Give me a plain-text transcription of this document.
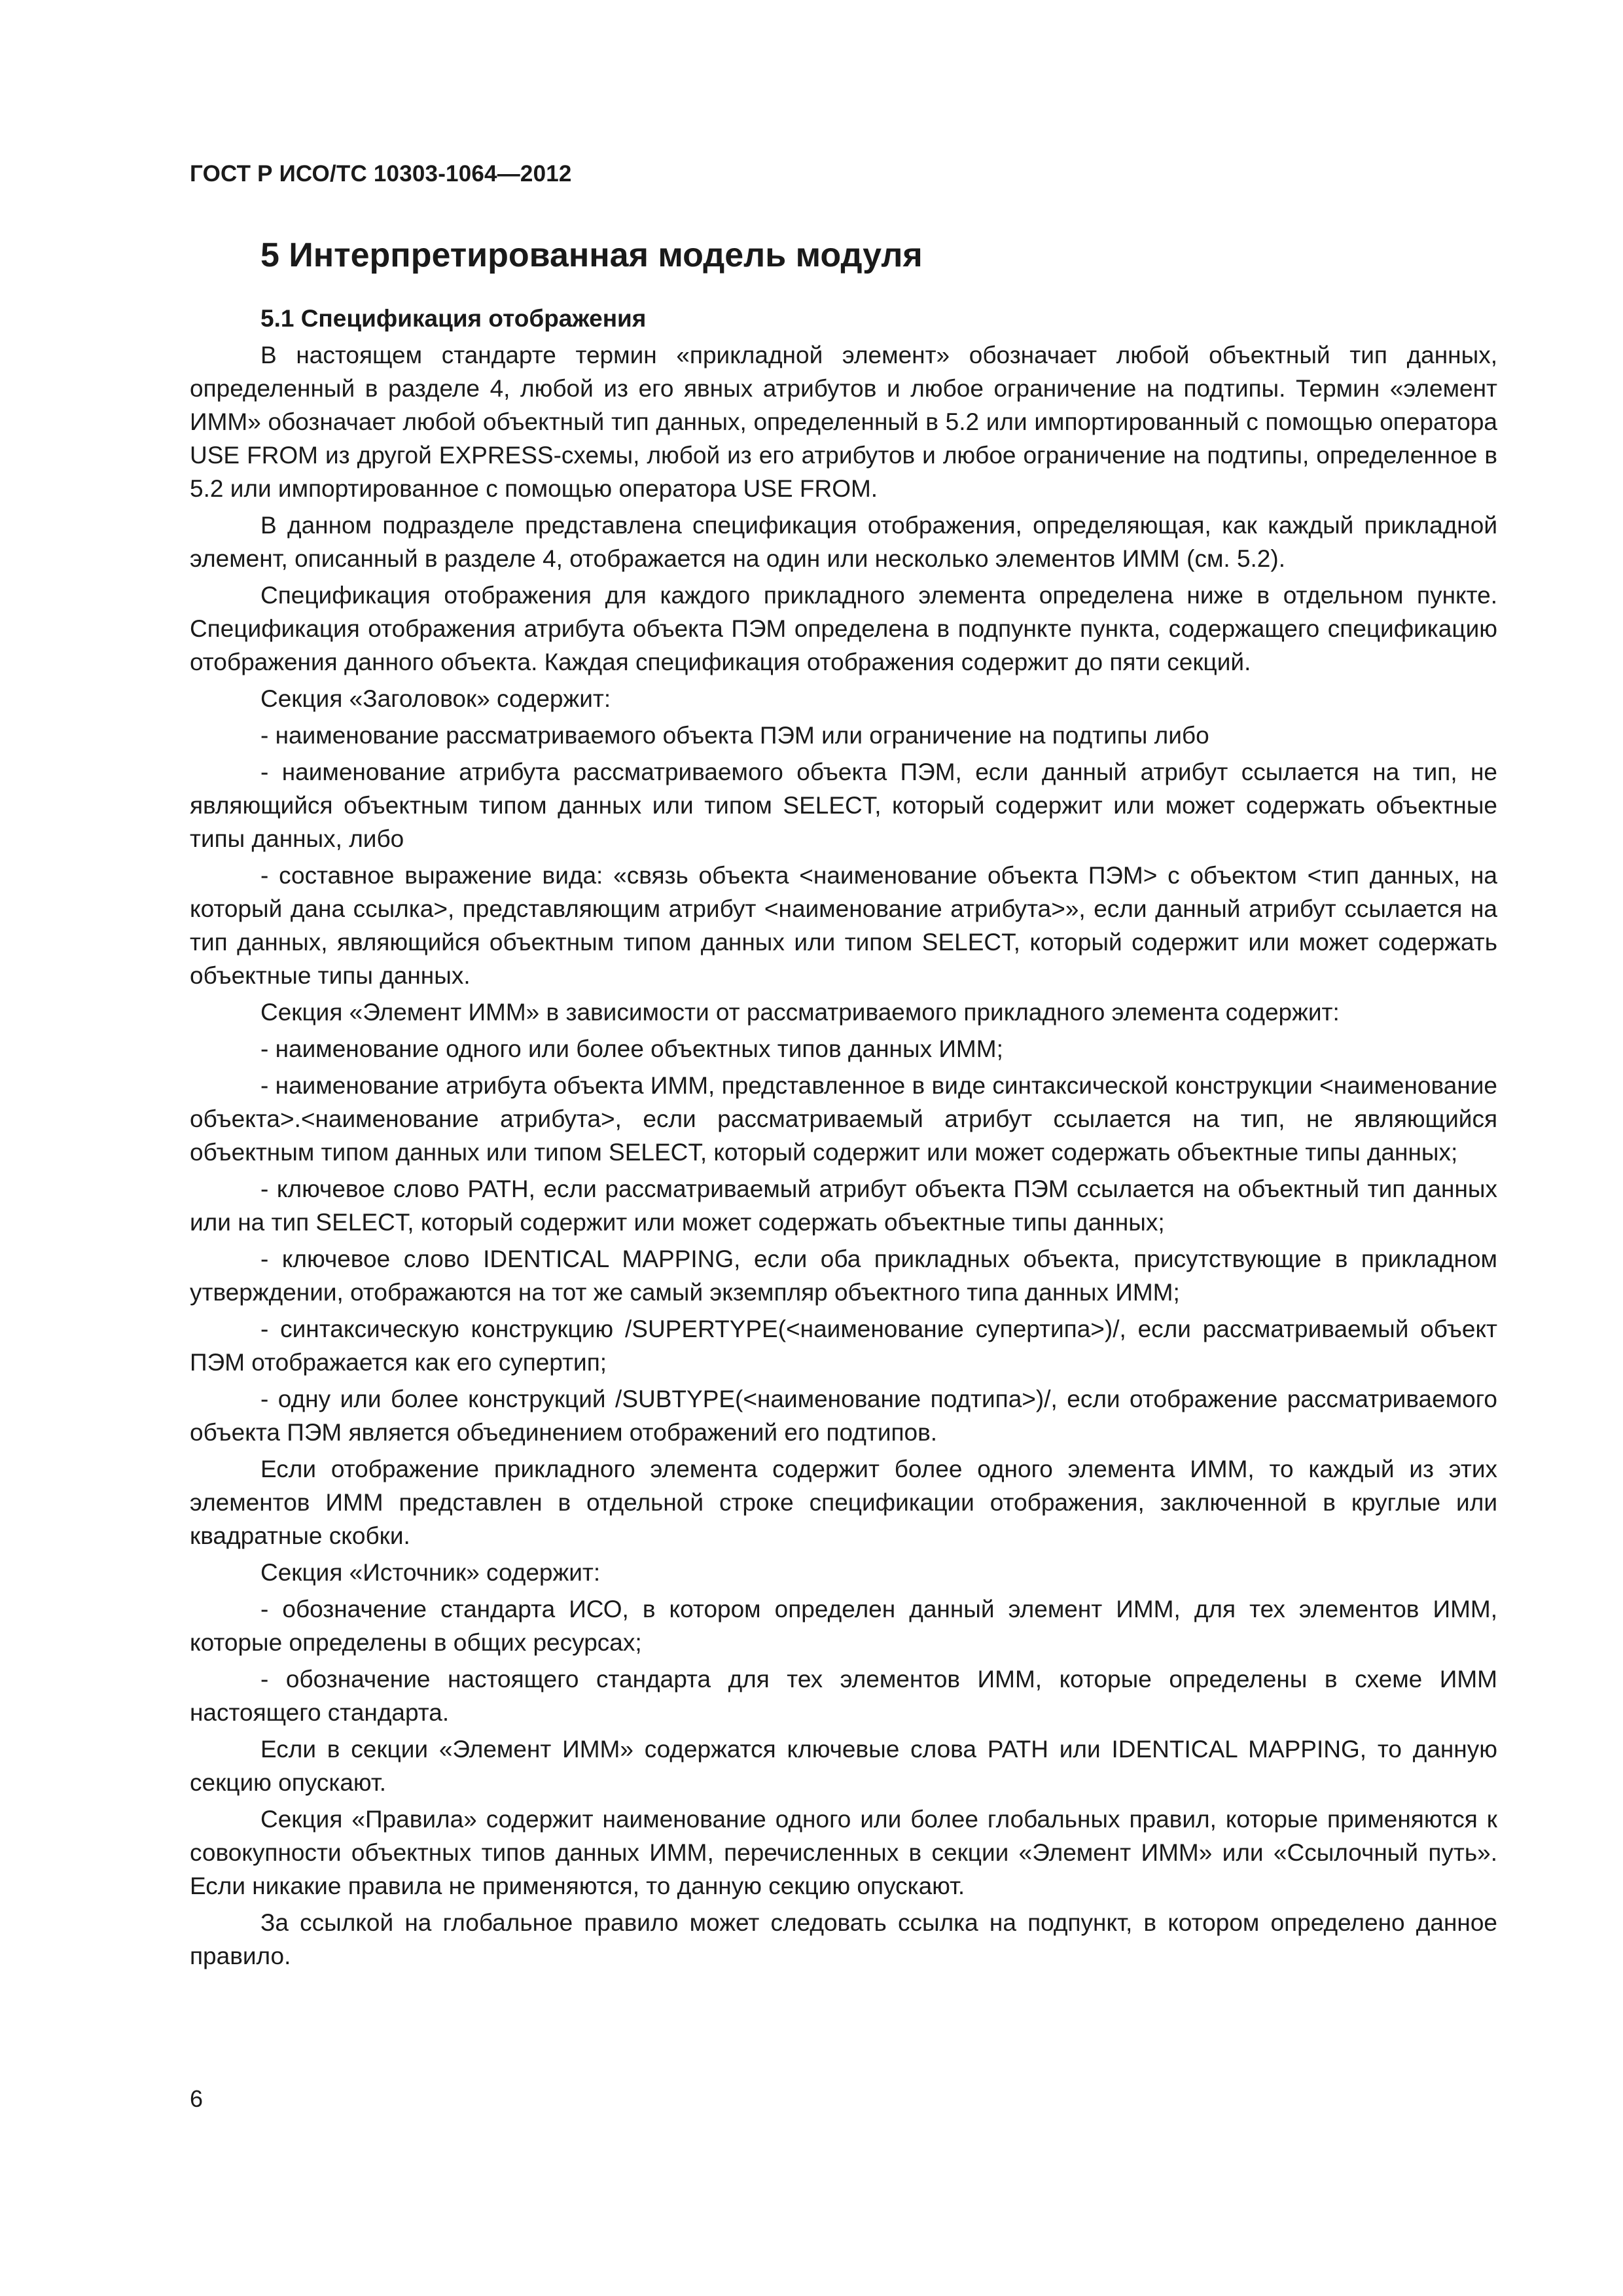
ГОСТ Р ИСО/ТС 10303-1064—2012

5 Интерпретированная модель модуля
5.1 Спецификация отображения

В настоящем стандарте термин «прикладной элемент» обозначает любой объектный тип данных, определенный в разделе 4, любой из его явных атрибутов и любое ограничение на подтипы. Термин «элемент ИММ» обозначает любой объектный тип данных, определенный в 5.2 или импортированный с помощью оператора USE FROM из другой EXPRESS-схемы, любой из его атрибутов и любое ограничение на подтипы, определенное в 5.2 или импортированное с помощью оператора USE FROM.

В данном подразделе представлена спецификация отображения, определяющая, как каждый прикладной элемент, описанный в разделе 4, отображается на один или несколько элементов ИММ (см. 5.2).

Спецификация отображения для каждого прикладного элемента определена ниже в отдельном пункте. Спецификация отображения атрибута объекта ПЭМ определена в подпункте пункта, содержащего спецификацию отображения данного объекта. Каждая спецификация отображения содержит до пяти секций.

Секция «Заголовок» содержит:

- наименование рассматриваемого объекта ПЭМ или ограничение на подтипы либо

- наименование атрибута рассматриваемого объекта ПЭМ, если данный атрибут ссылается на тип, не являющийся объектным типом данных или типом SELECT, который содержит или может содержать объектные типы данных, либо

- составное выражение вида: «связь объекта <наименование объекта ПЭМ> с объектом <тип данных, на который дана ссылка>, представляющим атрибут <наименование атрибута>», если данный атрибут ссылается на тип данных, являющийся объектным типом данных или типом SELECT, который содержит или может содержать объектные типы данных.

Секция «Элемент ИММ» в зависимости от рассматриваемого прикладного элемента содержит:

- наименование одного или более объектных типов данных ИММ;

- наименование атрибута объекта ИММ, представленное в виде синтаксической конструкции <наименование объекта>.<наименование атрибута>, если рассматриваемый атрибут ссылается на тип, не являющийся объектным типом данных или типом SELECT, который содержит или может содержать объектные типы данных;

- ключевое слово PATH, если рассматриваемый атрибут объекта ПЭМ ссылается на объектный тип данных или на тип SELECT, который содержит или может содержать объектные типы данных;

- ключевое слово IDENTICAL MAPPING, если оба прикладных объекта, присутствующие в прикладном утверждении, отображаются на тот же самый экземпляр объектного типа данных ИММ;

- синтаксическую конструкцию /SUPERTYPE(<наименование супертипа>)/, если рассматриваемый объект ПЭМ отображается как его супертип;

- одну или более конструкций /SUBTYPE(<наименование подтипа>)/, если отображение рассматриваемого объекта ПЭМ является объединением отображений его подтипов.

Если отображение прикладного элемента содержит более одного элемента ИММ, то каждый из этих элементов ИММ представлен в отдельной строке спецификации отображения, заключенной в круглые или квадратные скобки.

Секция «Источник» содержит:

- обозначение стандарта ИСО, в котором определен данный элемент ИММ, для тех элементов ИММ, которые определены в общих ресурсах;

- обозначение настоящего стандарта для тех элементов ИММ, которые определены в схеме ИММ настоящего стандарта.

Если в секции «Элемент ИММ» содержатся ключевые слова PATH или IDENTICAL MAPPING, то данную секцию опускают.

Секция «Правила» содержит наименование одного или более глобальных правил, которые применяются к совокупности объектных типов данных ИММ, перечисленных в секции «Элемент ИММ» или «Ссылочный путь». Если никакие правила не применяются, то данную секцию опускают.

За ссылкой на глобальное правило может следовать ссылка на подпункт, в котором определено данное правило.

6
